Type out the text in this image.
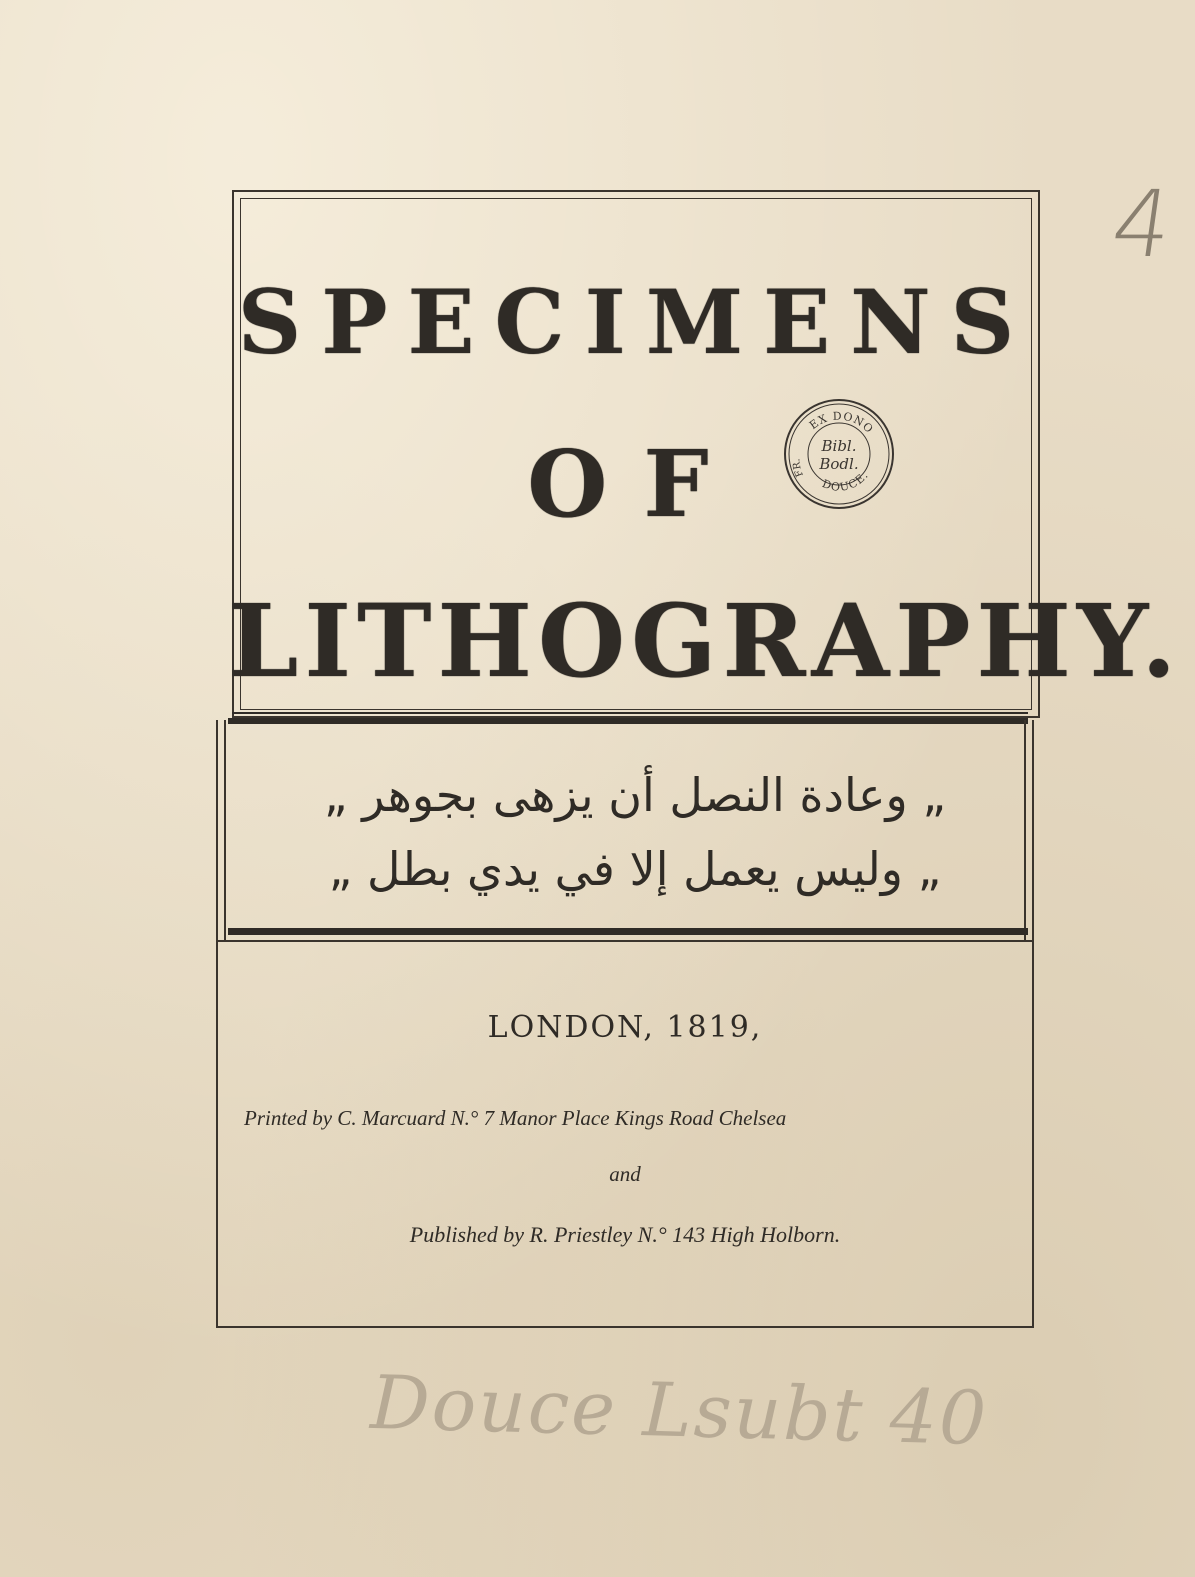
4
SPECIMENS
OF
LITHOGRAPHY.
„ وعادة النصل أن يزهى بجوهر „
„ وليس يعمل إلا في يدي بطل „
LONDON, 1819,
Printed by C. Marcuard N.° 7 Manor Place Kings Road Chelsea
and
Published by R. Priestley N.° 143 High Holborn.
EX DONO
DOUCE.
FR.
Bibl.
Bodl.
Douce Lsubt 40
